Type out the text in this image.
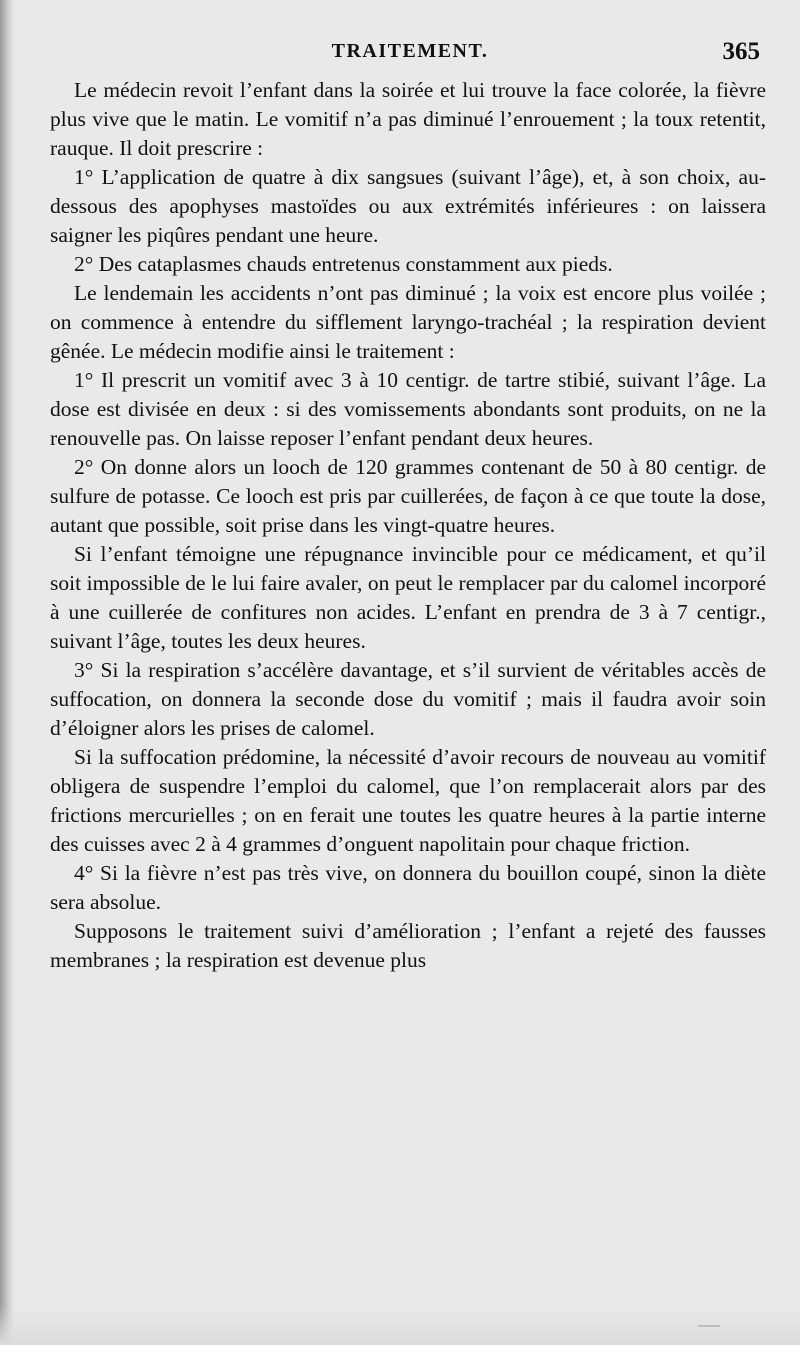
TRAITEMENT.	365

Le médecin revoit l’enfant dans la soirée et lui trouve la face colorée, la fièvre plus vive que le matin. Le vomitif n’a pas diminué l’enrouement ; la toux retentit, rauque. Il doit prescrire :

1° L’application de quatre à dix sangsues (suivant l’âge), et, à son choix, au-dessous des apophyses mastoïdes ou aux extrémités inférieures : on laissera saigner les piqûres pendant une heure.

2° Des cataplasmes chauds entretenus constamment aux pieds.

Le lendemain les accidents n’ont pas diminué ; la voix est encore plus voilée ; on commence à entendre du sifflement laryngo-trachéal ; la respiration devient gênée. Le médecin modifie ainsi le traitement :

1° Il prescrit un vomitif avec 3 à 10 centigr. de tartre stibié, suivant l’âge. La dose est divisée en deux : si des vomissements abondants sont produits, on ne la renouvelle pas. On laisse reposer l’enfant pendant deux heures.

2° On donne alors un looch de 120 grammes contenant de 50 à 80 centigr. de sulfure de potasse. Ce looch est pris par cuillerées, de façon à ce que toute la dose, autant que possible, soit prise dans les vingt-quatre heures.

Si l’enfant témoigne une répugnance invincible pour ce médicament, et qu’il soit impossible de le lui faire avaler, on peut le remplacer par du calomel incorporé à une cuillerée de confitures non acides. L’enfant en prendra de 3 à 7 centigr., suivant l’âge, toutes les deux heures.

3° Si la respiration s’accélère davantage, et s’il survient de véritables accès de suffocation, on donnera la seconde dose du vomitif ; mais il faudra avoir soin d’éloigner alors les prises de calomel.

Si la suffocation prédomine, la nécessité d’avoir recours de nouveau au vomitif obligera de suspendre l’emploi du calomel, que l’on remplacerait alors par des frictions mercurielles ; on en ferait une toutes les quatre heures à la partie interne des cuisses avec 2 à 4 grammes d’onguent napolitain pour chaque friction.

4° Si la fièvre n’est pas très vive, on donnera du bouillon coupé, sinon la diète sera absolue.

Supposons le traitement suivi d’amélioration ; l’enfant a rejeté des fausses membranes ; la respiration est devenue plus
